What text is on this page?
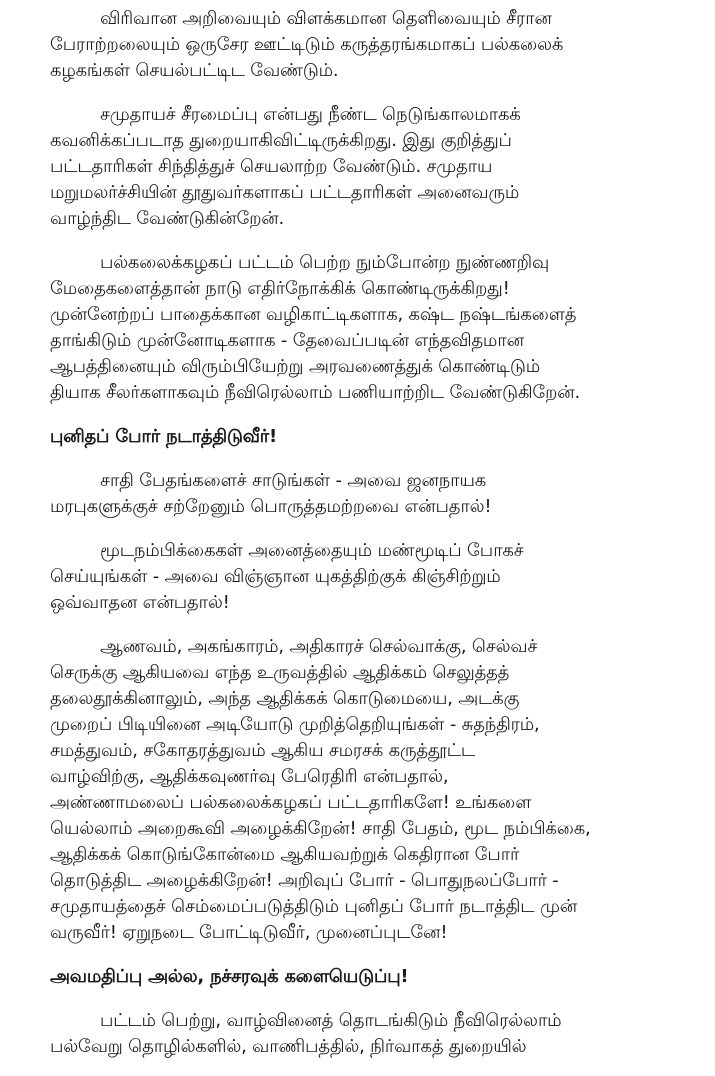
விரிவான அறிவையும் விளக்கமான தெளிவையும் சீரான
பேராற்றலையும் ஒருசேர ஊட்டிடும் கருத்தரங்கமாகப் பல்கலைக்
கழகங்கள் செயல்பட்டிட வேண்டும்.

சமுதாயச் சீரமைப்பு என்பது நீண்ட நெடுங்காலமாகக்
கவனிக்கப்படாத துறையாகிவிட்டிருக்கிறது. இது குறித்துப்
பட்டதாரிகள் சிந்தித்துச் செயலாற்ற வேண்டும். சமுதாய
மறுமலர்ச்சியின் தூதுவர்களாகப் பட்டதாரிகள் அனைவரும்
வாழ்ந்திட வேண்டுகின்றேன்.

பல்கலைக்கழகப் பட்டம் பெற்ற நும்போன்ற நுண்ணறிவு
மேதைகளைத்தான் நாடு எதிர்நோக்கிக் கொண்டிருக்கிறது!
முன்னேற்றப் பாதைக்கான வழிகாட்டிகளாக, கஷ்ட நஷ்டங்களைத்
தாங்கிடும் முன்னோடிகளாக - தேவைப்படின் எந்தவிதமான
ஆபத்தினையும் விரும்பியேற்று அரவணைத்துக் கொண்டிடும்
தியாக சீலர்களாகவும் நீவிரெல்லாம் பணியாற்றிட வேண்டுகிறேன்.

புனிதப் போர் நடாத்திடுவீர்!

சாதி பேதங்களைச் சாடுங்கள் - அவை ஜனநாயக
மரபுகளுக்குச் சற்றேனும் பொருத்தமற்றவை என்பதால்!

மூடநம்பிக்கைகள் அனைத்தையும் மண்மூடிப் போகச்
செய்யுங்கள் - அவை விஞ்ஞான யுகத்திற்குக் கிஞ்சிற்றும்
ஒவ்வாதன என்பதால்!

ஆணவம், அகங்காரம், அதிகாரச் செல்வாக்கு, செல்வச்
செருக்கு ஆகியவை எந்த உருவத்தில் ஆதிக்கம் செலுத்தத்
தலைதூக்கினாலும், அந்த ஆதிக்கக் கொடுமையை, அடக்கு
முறைப் பிடியினை அடியோடு முறித்தெறியுங்கள் - சுதந்திரம்,
சமத்துவம், சகோதரத்துவம் ஆகிய சமரசக் கருத்தூட்ட
வாழ்விற்கு, ஆதிக்கவுணர்வு பேரெதிரி என்பதால்,
அண்ணாமலைப் பல்கலைக்கழகப் பட்டதாரிகளே! உங்களை
யெல்லாம் அறைகூவி அழைக்கிறேன்! சாதி பேதம், மூட நம்பிக்கை,
ஆதிக்கக் கொடுங்கோன்மை ஆகியவற்றுக் கெதிரான போர்
தொடுத்திட அழைக்கிறேன்! அறிவுப் போர் - பொதுநலப்போர் -
சமுதாயத்தைச் செம்மைப்படுத்திடும் புனிதப் போர் நடாத்திட முன்
வருவீர்! ஏறுநடை போட்டிடுவீர், முனைப்புடனே!

அவமதிப்பு அல்ல, நச்சரவுக் களையெடுப்பு!

பட்டம் பெற்று, வாழ்வினைத் தொடங்கிடும் நீவிரெல்லாம்
பல்வேறு தொழில்களில், வாணிபத்தில், நிர்வாகத் துறையில்
